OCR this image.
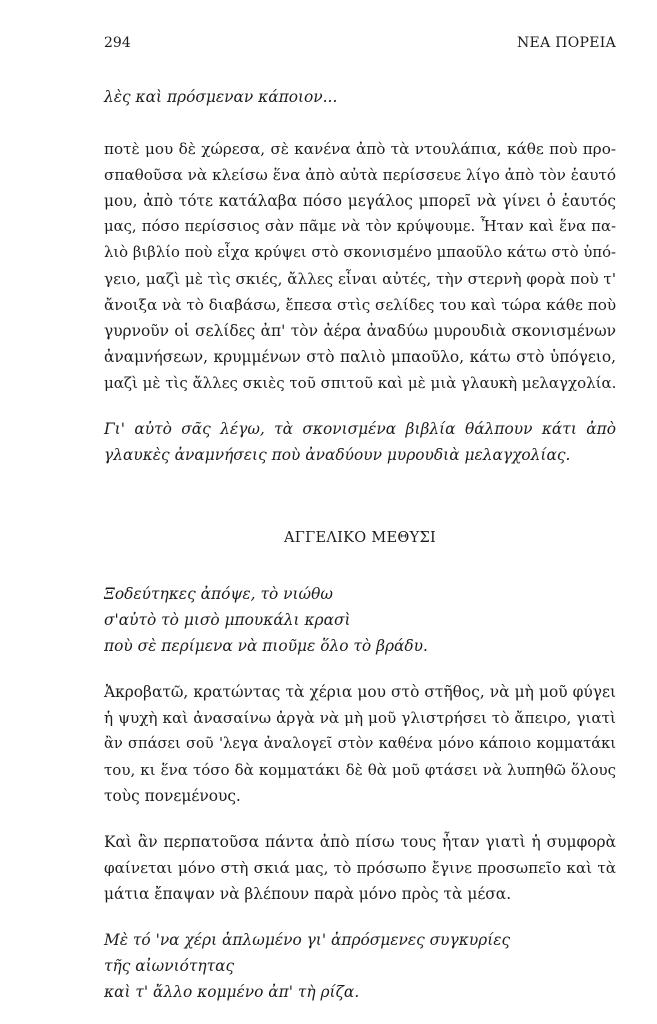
294	ΝΕΑ ΠΟΡΕΙΑ
λὲς καὶ πρόσμεναν κάποιον...
ποτὲ μου δὲ χώρεσα, σὲ κανένα ἀπὸ τὰ ντουλάπια, κάθε ποὺ προ-
σπαθοῦσα νὰ κλείσω ἕνα ἀπὸ αὐτὰ περίσσευε λίγο ἀπὸ τὸν ἑαυτό
μου, ἀπὸ τότε κατάλαβα πόσο μεγάλος μπορεῖ νὰ γίνει ὁ ἑαυτός
μας, πόσο περίσσιος σὰν πᾶμε νὰ τὸν κρύψουμε. Ἦταν καὶ ἕνα πα-
λιὸ βιβλίο ποὺ εἶχα κρύψει στὸ σκονισμένο μπαοῦλο κάτω στὸ ὑπό-
γειο, μαζὶ μὲ τὶς σκιές, ἄλλες εἶναι αὐτές, τὴν στερνὴ φορὰ ποὺ τ'
ἄνοιξα νὰ τὸ διαβάσω, ἔπεσα στὶς σελίδες του καὶ τώρα κάθε ποὺ
γυρνοῦν οἱ σελίδες ἀπ' τὸν ἀέρα ἀναδύω μυρουδιὰ σκονισμένων
ἀναμνήσεων, κρυμμένων στὸ παλιὸ μπαοῦλο, κάτω στὸ ὑπόγειο,
μαζὶ μὲ τὶς ἄλλες σκιὲς τοῦ σπιτοῦ καὶ μὲ μιὰ γλαυκὴ μελαγχολία.
Γι' αὐτὸ σᾶς λέγω, τὰ σκονισμένα βιβλία θάλπουν κάτι ἀπὸ
γλαυκὲς ἀναμνήσεις ποὺ ἀναδύουν μυρουδιὰ μελαγχολίας.
ΑΓΓΕΛΙΚΟ ΜΕΘΥΣΙ
Ξοδεύτηκες ἀπόψε, τὸ νιώθω
σ'αὐτὸ τὸ μισὸ μπουκάλι κρασὶ
ποὺ σὲ περίμενα νὰ πιοῦμε ὅλο τὸ βράδυ.
Ἀκροβατῶ, κρατώντας τὰ χέρια μου στὸ στῆθος, νὰ μὴ μοῦ φύγει
ἡ ψυχὴ καὶ ἀνασαίνω ἀργὰ νὰ μὴ μοῦ γλιστρήσει τὸ ἄπειρο, γιατὶ
ἂν σπάσει σοῦ 'λεγα ἀναλογεῖ στὸν καθένα μόνο κάποιο κομματάκι
του, κι ἕνα τόσο δὰ κομματάκι δὲ θὰ μοῦ φτάσει νὰ λυπηθῶ ὅλους
τοὺς πονεμένους.
Καὶ ἂν περπατοῦσα πάντα ἀπὸ πίσω τους ἦταν γιατὶ ἡ συμφορὰ
φαίνεται μόνο στὴ σκιά μας, τὸ πρόσωπο ἔγινε προσωπεῖο καὶ τὰ
μάτια ἔπαψαν νὰ βλέπουν παρὰ μόνο πρὸς τὰ μέσα.
Μὲ τό 'να χέρι ἁπλωμένο γι' ἀπρόσμενες συγκυρίες
τῆς αἰωνιότητας
καὶ τ' ἄλλο κομμένο ἀπ' τὴ ρίζα.
